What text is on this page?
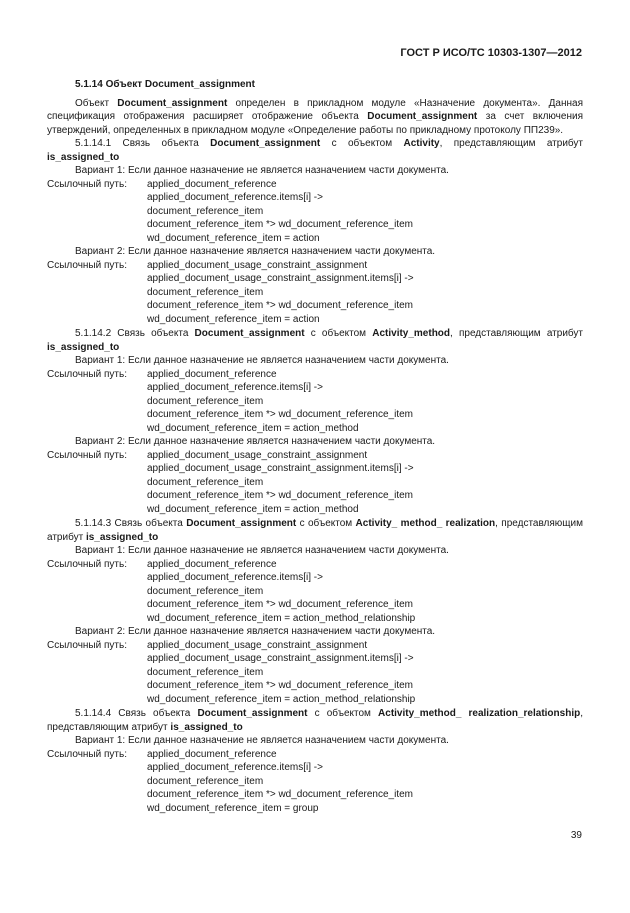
ГОСТ Р ИСО/ТС 10303-1307—2012
5.1.14 Объект Document_assignment
Объект Document_assignment определен в прикладном модуле «Назначение документа». Данная спецификация отображения расширяет отображение объекта Document_assignment за счет включения утверждений, определенных в прикладном модуле «Определение работы по прикладному протоколу ПП239».
5.1.14.1 Связь объекта Document_assignment с объектом Activity, представляющим атрибут is_assigned_to
Вариант 1: Если данное назначение не является назначением части документа.
Ссылочный путь:	applied_document_reference
applied_document_reference.items[i] ->
document_reference_item
document_reference_item *> wd_document_reference_item
wd_document_reference_item = action
Вариант 2: Если данное назначение является назначением части документа.
Ссылочный путь:	applied_document_usage_constraint_assignment
applied_document_usage_constraint_assignment.items[i] ->
document_reference_item
document_reference_item *> wd_document_reference_item
wd_document_reference_item = action
5.1.14.2 Связь объекта Document_assignment с объектом Activity_method, представляющим атрибут is_assigned_to
Вариант 1: Если данное назначение не является назначением части документа.
Ссылочный путь:	applied_document_reference
applied_document_reference.items[i] ->
document_reference_item
document_reference_item *> wd_document_reference_item
wd_document_reference_item = action_method
Вариант 2: Если данное назначение является назначением части документа.
Ссылочный путь:	applied_document_usage_constraint_assignment
applied_document_usage_constraint_assignment.items[i] ->
document_reference_item
document_reference_item *> wd_document_reference_item
wd_document_reference_item = action_method
5.1.14.3 Связь объекта Document_assignment с объектом Activity_ method_ realization, представляющим атрибут is_assigned_to
Вариант 1: Если данное назначение не является назначением части документа.
Ссылочный путь:	applied_document_reference
applied_document_reference.items[i] ->
document_reference_item
document_reference_item *> wd_document_reference_item
wd_document_reference_item = action_method_relationship
Вариант 2: Если данное назначение является назначением части документа.
Ссылочный путь:	applied_document_usage_constraint_assignment
applied_document_usage_constraint_assignment.items[i] ->
document_reference_item
document_reference_item *> wd_document_reference_item
wd_document_reference_item = action_method_relationship
5.1.14.4 Связь объекта Document_assignment с объектом Activity_method_ realization_relationship, представляющим атрибут is_assigned_to
Вариант 1: Если данное назначение не является назначением части документа.
Ссылочный путь:	applied_document_reference
applied_document_reference.items[i] ->
document_reference_item
document_reference_item *> wd_document_reference_item
wd_document_reference_item = group
39
